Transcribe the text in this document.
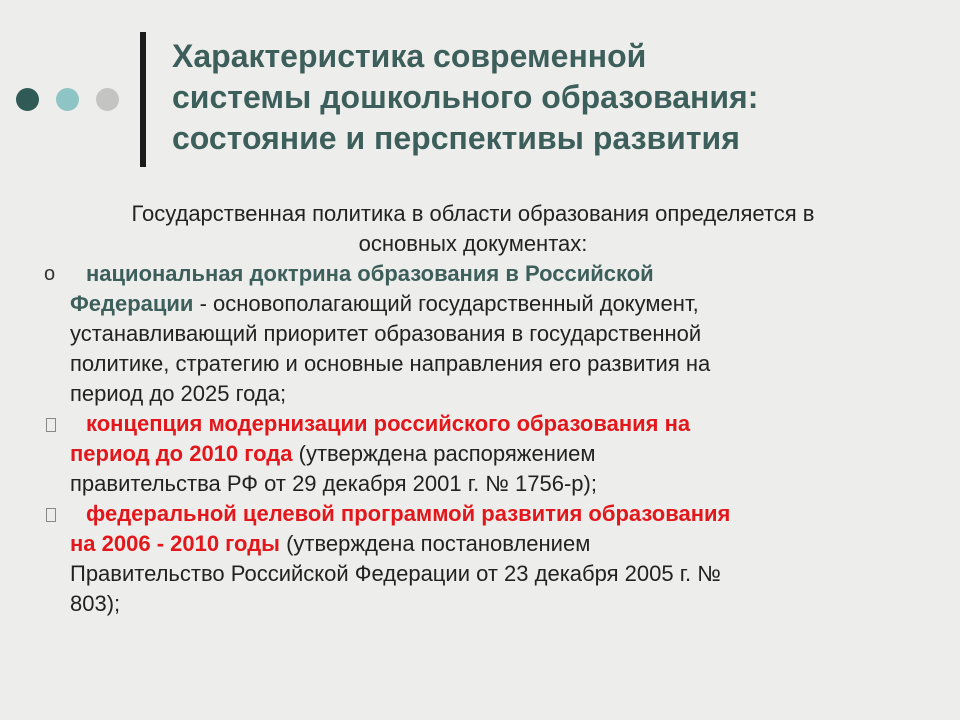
Характеристика современной
системы дошкольного образования:
состояние и перспективы развития

Государственная политика в области образования определяется в
основных документах:

o	национальная доктрина образования в Российской
Федерации - основополагающий государственный документ,
устанавливающий приоритет образования в государственной
политике, стратегию и основные направления его развития на
период до 2025 года;
концепция модернизации российского образования на
период до 2010 года (утверждена распоряжением
правительства РФ от 29 декабря 2001 г. № 1756-р);
федеральной целевой программой развития образования
на 2006 - 2010 годы (утверждена постановлением
Правительство Российской Федерации от 23 декабря 2005 г. №
803);
